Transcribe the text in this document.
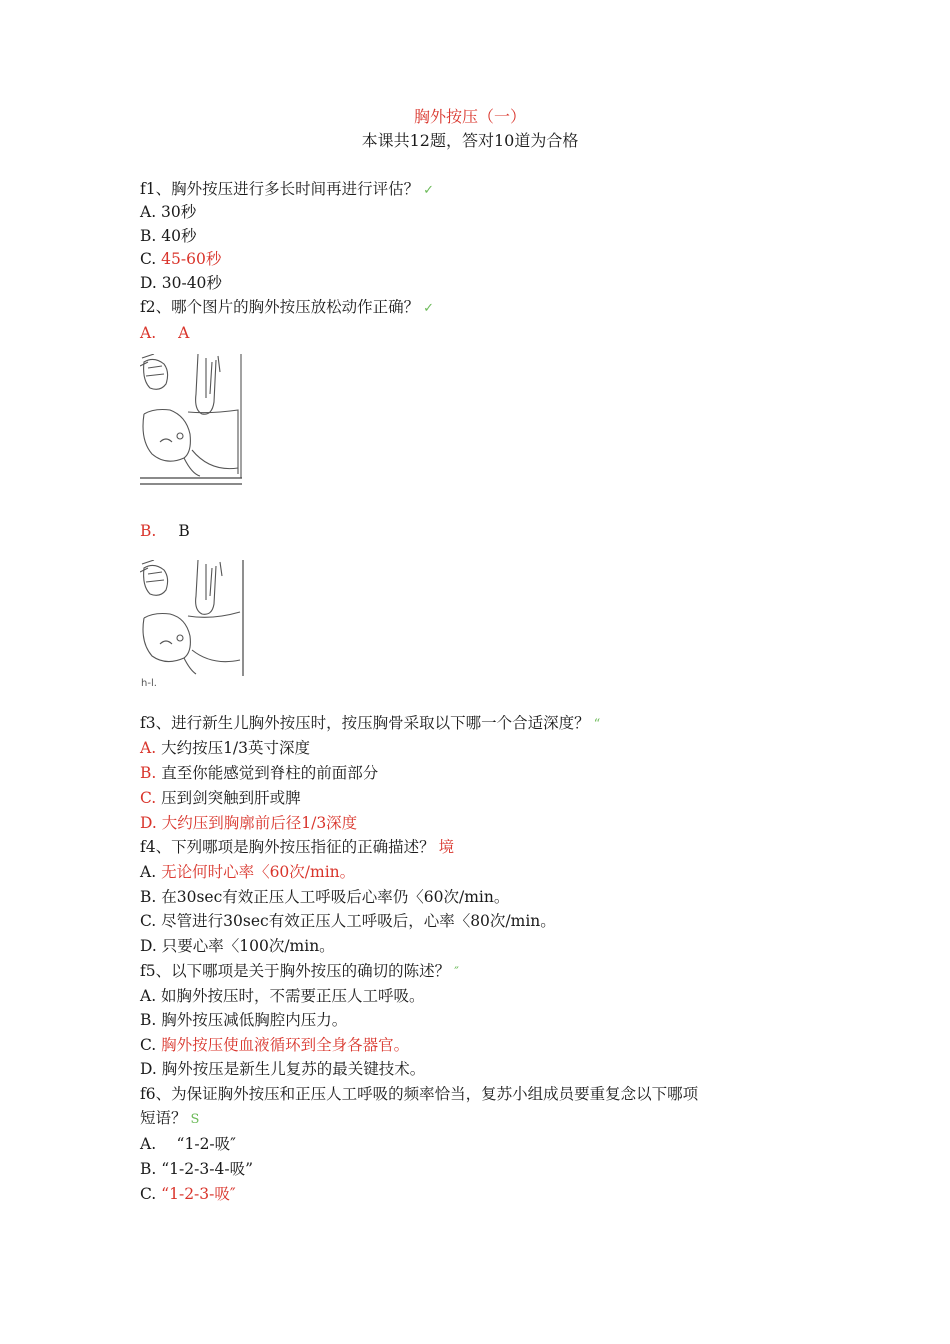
胸外按压（一）
本课共12题，答对10道为合格
f1、胸外按压进行多长时间再进行评估？ ✓
A. 30秒
B. 40秒
C. 45-60秒
D. 30-40秒
f2、哪个图片的胸外按压放松动作正确？ ✓
A. A
B. B
h-l.
f3、进行新生儿胸外按压时，按压胸骨采取以下哪一个合适深度？ “
A. 大约按压1/3英寸深度
B. 直至你能感觉到脊柱的前面部分
C. 压到剑突触到肝或脾
D. 大约压到胸廓前后径1/3深度
f4、下列哪项是胸外按压指征的正确描述？ 境
A. 无论何时心率〈60次/min。
B. 在30sec有效正压人工呼吸后心率仍〈60次/min。
C. 尽管进行30sec有效正压人工呼吸后，心率〈80次/min。
D. 只要心率〈100次/min。
f5、以下哪项是关于胸外按压的确切的陈述？ ″
A. 如胸外按压时，不需要正压人工呼吸。
B. 胸外按压减低胸腔内压力。
C. 胸外按压使血液循环到全身各器官。
D. 胸外按压是新生儿复苏的最关键技术。
f6、为保证胸外按压和正压人工呼吸的频率恰当，复苏小组成员要重复念以下哪项
短语？ S
A.　 “1-2-吸″
B. “1-2-3-4-吸”
C. “1-2-3-吸″
